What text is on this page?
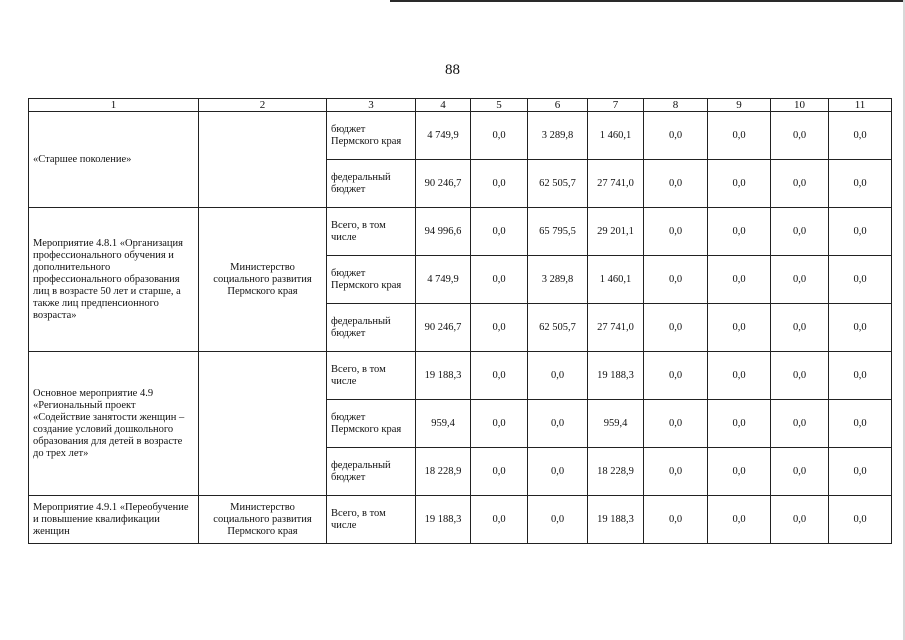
88
1	2	3	4	5	6	7	8	9	10	11
«Старшее поколение»		бюджет Пермского края	4 749,9	0,0	3 289,8	1 460,1	0,0	0,0	0,0	0,0
		федеральный бюджет	90 246,7	0,0	62 505,7	27 741,0	0,0	0,0	0,0	0,0
Мероприятие 4.8.1 «Организация профессионального обучения и дополнительного профессионального образования лиц в возрасте 50 лет и старше, а также лиц предпенсионного возраста»	Министерство социального развития Пермского края	Всего, в том числе	94 996,6	0,0	65 795,5	29 201,1	0,0	0,0	0,0	0,0
		бюджет Пермского края	4 749,9	0,0	3 289,8	1 460,1	0,0	0,0	0,0	0,0
		федеральный бюджет	90 246,7	0,0	62 505,7	27 741,0	0,0	0,0	0,0	0,0
Основное мероприятие 4.9 «Региональный проект «Содействие занятости женщин – создание условий дошкольного образования для детей в возрасте до трех лет»		Всего, в том числе	19 188,3	0,0	0,0	19 188,3	0,0	0,0	0,0	0,0
		бюджет Пермского края	959,4	0,0	0,0	959,4	0,0	0,0	0,0	0,0
		федеральный бюджет	18 228,9	0,0	0,0	18 228,9	0,0	0,0	0,0	0,0
Мероприятие 4.9.1 «Переобучение и повышение квалификации женщин	Министерство социального развития Пермского края	Всего, в том числе	19 188,3	0,0	0,0	19 188,3	0,0	0,0	0,0	0,0
